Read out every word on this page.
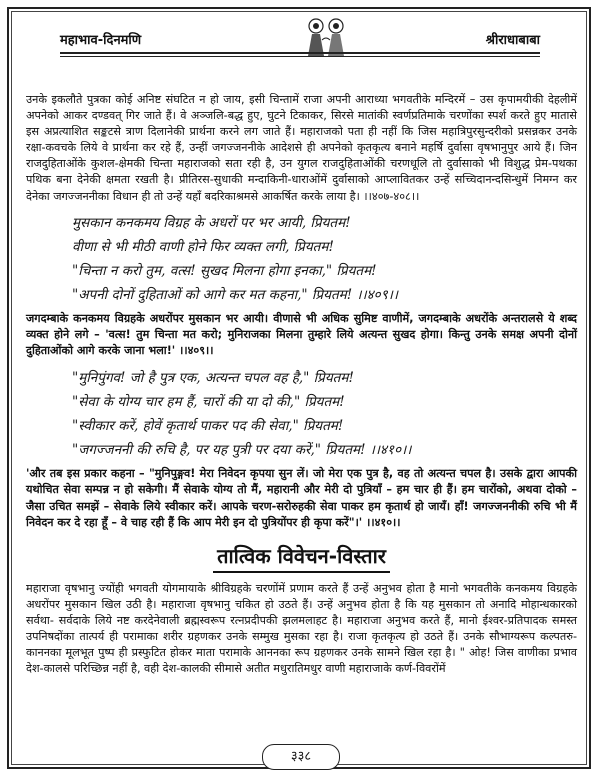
महाभाव-दिनमणि	श्रीराधाबाबा

उनके इकलौते पुत्रका कोई अनिष्ट संघटित न हो जाय, इसी चिन्तामें राजा अपनी आराध्या भगवतीके मन्दिरमें – उस कृपामयीकी देहलीमें अपनेको आकर दण्डवत् गिर जाते हैं। वे अञ्जलि-बद्ध हुए, घुटने टिकाकर, सिरसे मातांकी स्वर्णप्रतिमाके चरणोंका स्पर्श करते हुए मातासे इस अप्रत्याशित सङ्कटसे त्राण दिलानेकी प्रार्थना करने लग जाते हैं। महाराजको पता ही नहीं कि जिस महात्रिपुरसुन्दरीको प्रसन्नकर उनके रक्षा-कवचके लिये वे प्रार्थना कर रहे हैं, उन्हीं जगज्जननीके आदेशसे ही अपनेको कृतकृत्य बनाने महर्षि दुर्वासा वृषभानुपुर आये हैं। जिन राजदुहिताओंके कुशल-क्षेमकी चिन्ता महाराजको सता रही है, उन युगल राजदुहिताओंकी चरणधूलि तो दुर्वासाको भी विशुद्ध प्रेम-पथका पथिक बना देनेकी क्षमता रखती है। प्रीतिरस-सुधाकी मन्दाकिनी-धाराओंमें दुर्वासाको आप्लावितकर उन्हें सच्चिदानन्दसिन्धुमें निमग्न कर देनेका जगज्जननीका विधान ही तो उन्हें यहाँ बदरिकाश्रमसे आकर्षित करके लाया है। ।।४०७-४०८।।

मुसकान कनकमय विग्रह के अधरों पर भर आयी, प्रियतम!

वीणा से भी मीठी वाणी होने फिर व्यक्त लगी, प्रियतम!

"चिन्ता न करो तुम, वत्स! सुखद मिलना होगा इनका," प्रियतम!

"अपनी दोनों दुहिताओं को आगे कर मत कहना," प्रियतम! ।।४०९।।

जगदम्बाके कनकमय विग्रहके अधरोंपर मुसकान भर आयी। वीणासे भी अधिक सुमिष्ट वाणीमें, जगदम्बाके अधरोंके अन्तरालसे ये शब्द व्यक्त होने लगे – 'वत्स! तुम चिन्ता मत करो; मुनिराजका मिलना तुम्हारे लिये अत्यन्त सुखद होगा। किन्तु उनके समक्ष अपनी दोनों दुहिताओंको आगे करके जाना भला!' ।।४०९।।

"मुनिपुंगव! जो है पुत्र एक, अत्यन्त चपल वह है," प्रियतम!

"सेवा के योग्य चार हम हैं, चारों की या दो की," प्रियतम!

"स्वीकार करें, होवें कृतार्थ पाकर पद की सेवा," प्रियतम!

"जगज्जननी की रुचि है, पर यह पुत्री पर दया करें," प्रियतम! ।।४१०।।

'और तब इस प्रकार कहना – "मुनिपुङ्गव! मेरा निवेदन कृपया सुन लें। जो मेरा एक पुत्र है, वह तो अत्यन्त चपल है। उसके द्वारा आपकी यथोचित सेवा सम्पन्न न हो सकेगी। मैं सेवाके योग्य तो मैं, महारानी और मेरी दो पुत्रियाँ – हम चार ही हैं। हम चारोंको, अथवा दोको – जैसा उचित समझें – सेवाके लिये स्वीकार करें। आपके चरण-सरोरुहकी सेवा पाकर हम कृतार्थ हो जायँ। हाँ! जगज्जननीकी रुचि भी मैं निवेदन कर दे रहा हूँ – वे चाह रही हैं कि आप मेरी इन दो पुत्रियोंपर ही कृपा करें"।' ।।४१०।।

तात्विक विवेचन-विस्तार

महाराजा वृषभानु ज्योंही भगवती योगमायाके श्रीविग्रहके चरणोंमें प्रणाम करते हैं उन्हें अनुभव होता है मानो भगवतीके कनकमय विग्रहके अधरोंपर मुसकान खिल उठी है। महाराजा वृषभानु चकित हो उठते हैं। उन्हें अनुभव होता है कि यह मुसकान तो अनादि मोहान्धकारको सर्वथा- सर्वदाके लिये नष्ट करदेनेवाली ब्रह्मस्वरूप रत्नप्रदीपकी झलमलाहट है। महाराजा अनुभव करते हैं, मानो ईश्वर-प्रतिपादक समस्त उपनिषदोंका तात्पर्य ही परामाका शरीर ग्रहणकर उनके सम्मुख मुसका रहा है। राजा कृतकृत्य हो उठते हैं। उनके सौभाग्यरूप कल्पतरु-काननका मूलभूत पुष्प ही प्रस्फुटित होकर माता परामाके आननका रूप ग्रहणकर उनके सामने खिल रहा है। " ओह! जिस वाणीका प्रभाव देश-कालसे परिच्छिन्न नहीं है, वही देश-कालकी सीमासे अतीत मधुरातिमधुर वाणी महाराजाके कर्ण-विवरोंमें

३३८
